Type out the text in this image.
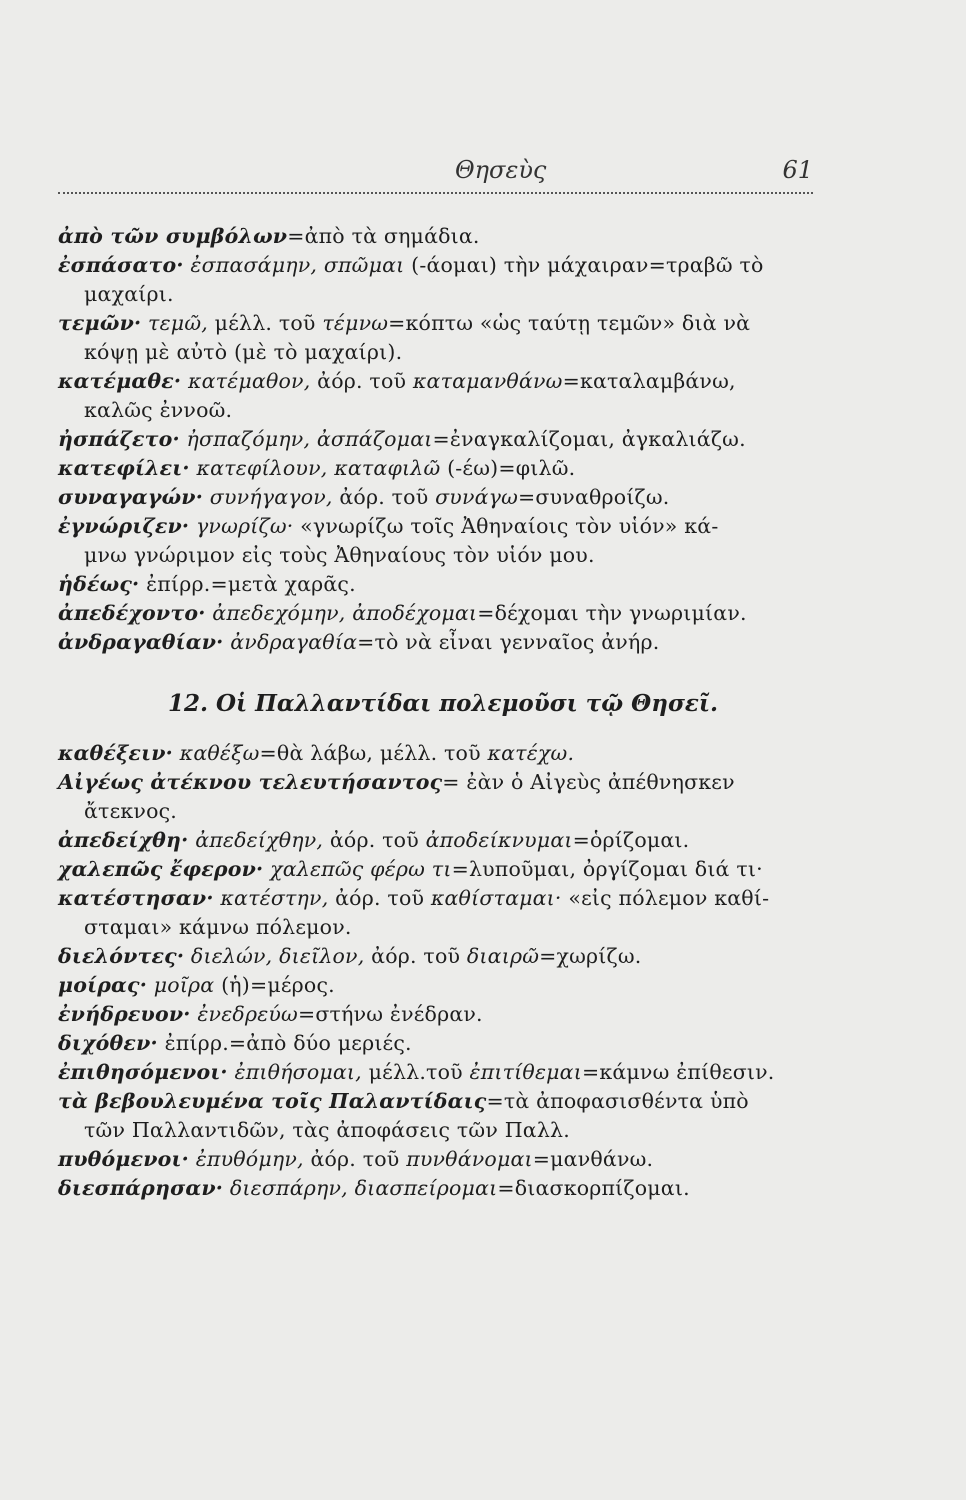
Θησεὺς	61
ἀπὸ τῶν συμβόλων=ἀπὸ τὰ σημάδια.
ἐσπάσατο· ἐσπασάμην, σπῶμαι (-άομαι) τὴν μάχαιραν=τραβῶ τὸ
μαχαίρι.
τεμῶν· τεμῶ, μέλλ. τοῦ τέμνω=κόπτω «ὡς ταύτῃ τεμῶν» διὰ νὰ
κόψῃ μὲ αὐτὸ (μὲ τὸ μαχαίρι).
κατέμαθε· κατέμαθον, ἀόρ. τοῦ καταμανθάνω=καταλαμβάνω,
καλῶς ἐννοῶ.
ἠσπάζετο· ἠσπαζόμην, ἀσπάζομαι=ἐναγκαλίζομαι, ἀγκαλιάζω.
κατεφίλει· κατεφίλουν, καταφιλῶ (-έω)=φιλῶ.
συναγαγών· συνήγαγον, ἀόρ. τοῦ συνάγω=συναθροίζω.
ἐγνώριζεν· γνωρίζω· «γνωρίζω τοῖς Ἀθηναίοις τὸν υἱόν» κά-
μνω γνώριμον εἰς τοὺς Ἀθηναίους τὸν υἱόν μου.
ἡδέως· ἐπίρρ.=μετὰ χαρᾶς.
ἀπεδέχοντο· ἀπεδεχόμην, ἀποδέχομαι=δέχομαι τὴν γνωριμίαν.
ἀνδραγαθίαν· ἀνδραγαθία=τὸ νὰ εἶναι γενναῖος ἀνήρ.
12. Οἱ Παλλαντίδαι πολεμοῦσι τῷ Θησεῖ.
καθέξειν· καθέξω=θὰ λάβω, μέλλ. τοῦ κατέχω.
Αἰγέως ἀτέκνου τελευτήσαντος= ἐὰν ὁ Αἰγεὺς ἀπέθνησκεν
ἄτεκνος.
ἀπεδείχθη· ἀπεδείχθην, ἀόρ. τοῦ ἀποδείκνυμαι=ὁρίζομαι.
χαλεπῶς ἔφερον· χαλεπῶς φέρω τι=λυποῦμαι, ὀργίζομαι διά τι·
κατέστησαν· κατέστην, ἀόρ. τοῦ καθίσταμαι· «εἰς πόλεμον καθί-
σταμαι» κάμνω πόλεμον.
διελόντες· διελών, διεῖλον, ἀόρ. τοῦ διαιρῶ=χωρίζω.
μοίρας· μοῖρα (ἡ)=μέρος.
ἐνήδρευον· ἐνεδρεύω=στήνω ἐνέδραν.
διχόθεν· ἐπίρρ.=ἀπὸ δύο μεριές.
ἐπιθησόμενοι· ἐπιθήσομαι, μέλλ.τοῦ ἐπιτίθεμαι=κάμνω ἐπίθεσιν.
τὰ βεβουλευμένα τοῖς Παλαντίδαις=τὰ ἀποφασισθέντα ὑπὸ
τῶν Παλλαντιδῶν, τὰς ἀποφάσεις τῶν Παλλ.
πυθόμενοι· ἐπυθόμην, ἀόρ. τοῦ πυνθάνομαι=μανθάνω.
διεσπάρησαν· διεσπάρην, διασπείρομαι=διασκορπίζομαι.
